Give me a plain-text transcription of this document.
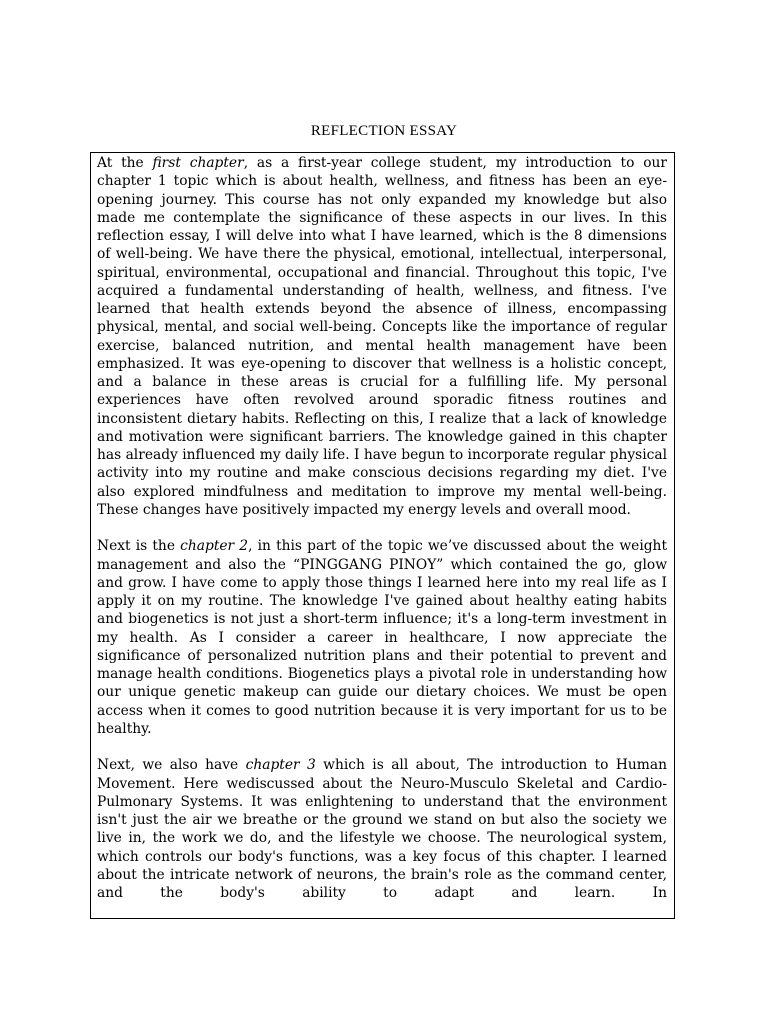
REFLECTION ESSAY

At the first chapter, as a first-year college student, my introduction to our chapter 1 topic which is about health, wellness, and fitness has been an eye-opening journey. This course has not only expanded my knowledge but also made me contemplate the significance of these aspects in our lives. In this reflection essay, I will delve into what I have learned, which is the 8 dimensions of well-being. We have there the physical, emotional, intellectual, interpersonal, spiritual, environmental, occupational and financial. Throughout this topic, I've acquired a fundamental understanding of health, wellness, and fitness. I've learned that health extends beyond the absence of illness, encompassing physical, mental, and social well-being. Concepts like the importance of regular exercise, balanced nutrition, and mental health management have been emphasized. It was eye-opening to discover that wellness is a holistic concept, and a balance in these areas is crucial for a fulfilling life. My personal experiences have often revolved around sporadic fitness routines and inconsistent dietary habits. Reflecting on this, I realize that a lack of knowledge and motivation were significant barriers. The knowledge gained in this chapter has already influenced my daily life. I have begun to incorporate regular physical activity into my routine and make conscious decisions regarding my diet. I've also explored mindfulness and meditation to improve my mental well-being. These changes have positively impacted my energy levels and overall mood.

Next is the chapter 2, in this part of the topic we’ve discussed about the weight management and also the “PINGGANG PINOY” which contained the go, glow and grow. I have come to apply those things I learned here into my real life as I apply it on my routine. The knowledge I've gained about healthy eating habits and biogenetics is not just a short-term influence; it's a long-term investment in my health. As I consider a career in healthcare, I now appreciate the significance of personalized nutrition plans and their potential to prevent and manage health conditions. Biogenetics plays a pivotal role in understanding how our unique genetic makeup can guide our dietary choices. We must be open access when it comes to good nutrition because it is very important for us to be healthy.

Next, we also have chapter 3 which is all about, The introduction to Human Movement. Here wediscussed about the Neuro-Musculo Skeletal and Cardio-Pulmonary Systems. It was enlightening to understand that the environment isn't just the air we breathe or the ground we stand on but also the society we live in, the work we do, and the lifestyle we choose. The neurological system, which controls our body's functions, was a key focus of this chapter. I learned about the intricate network of neurons, the brain's role as the command center, and the body's ability to adapt and learn. In
